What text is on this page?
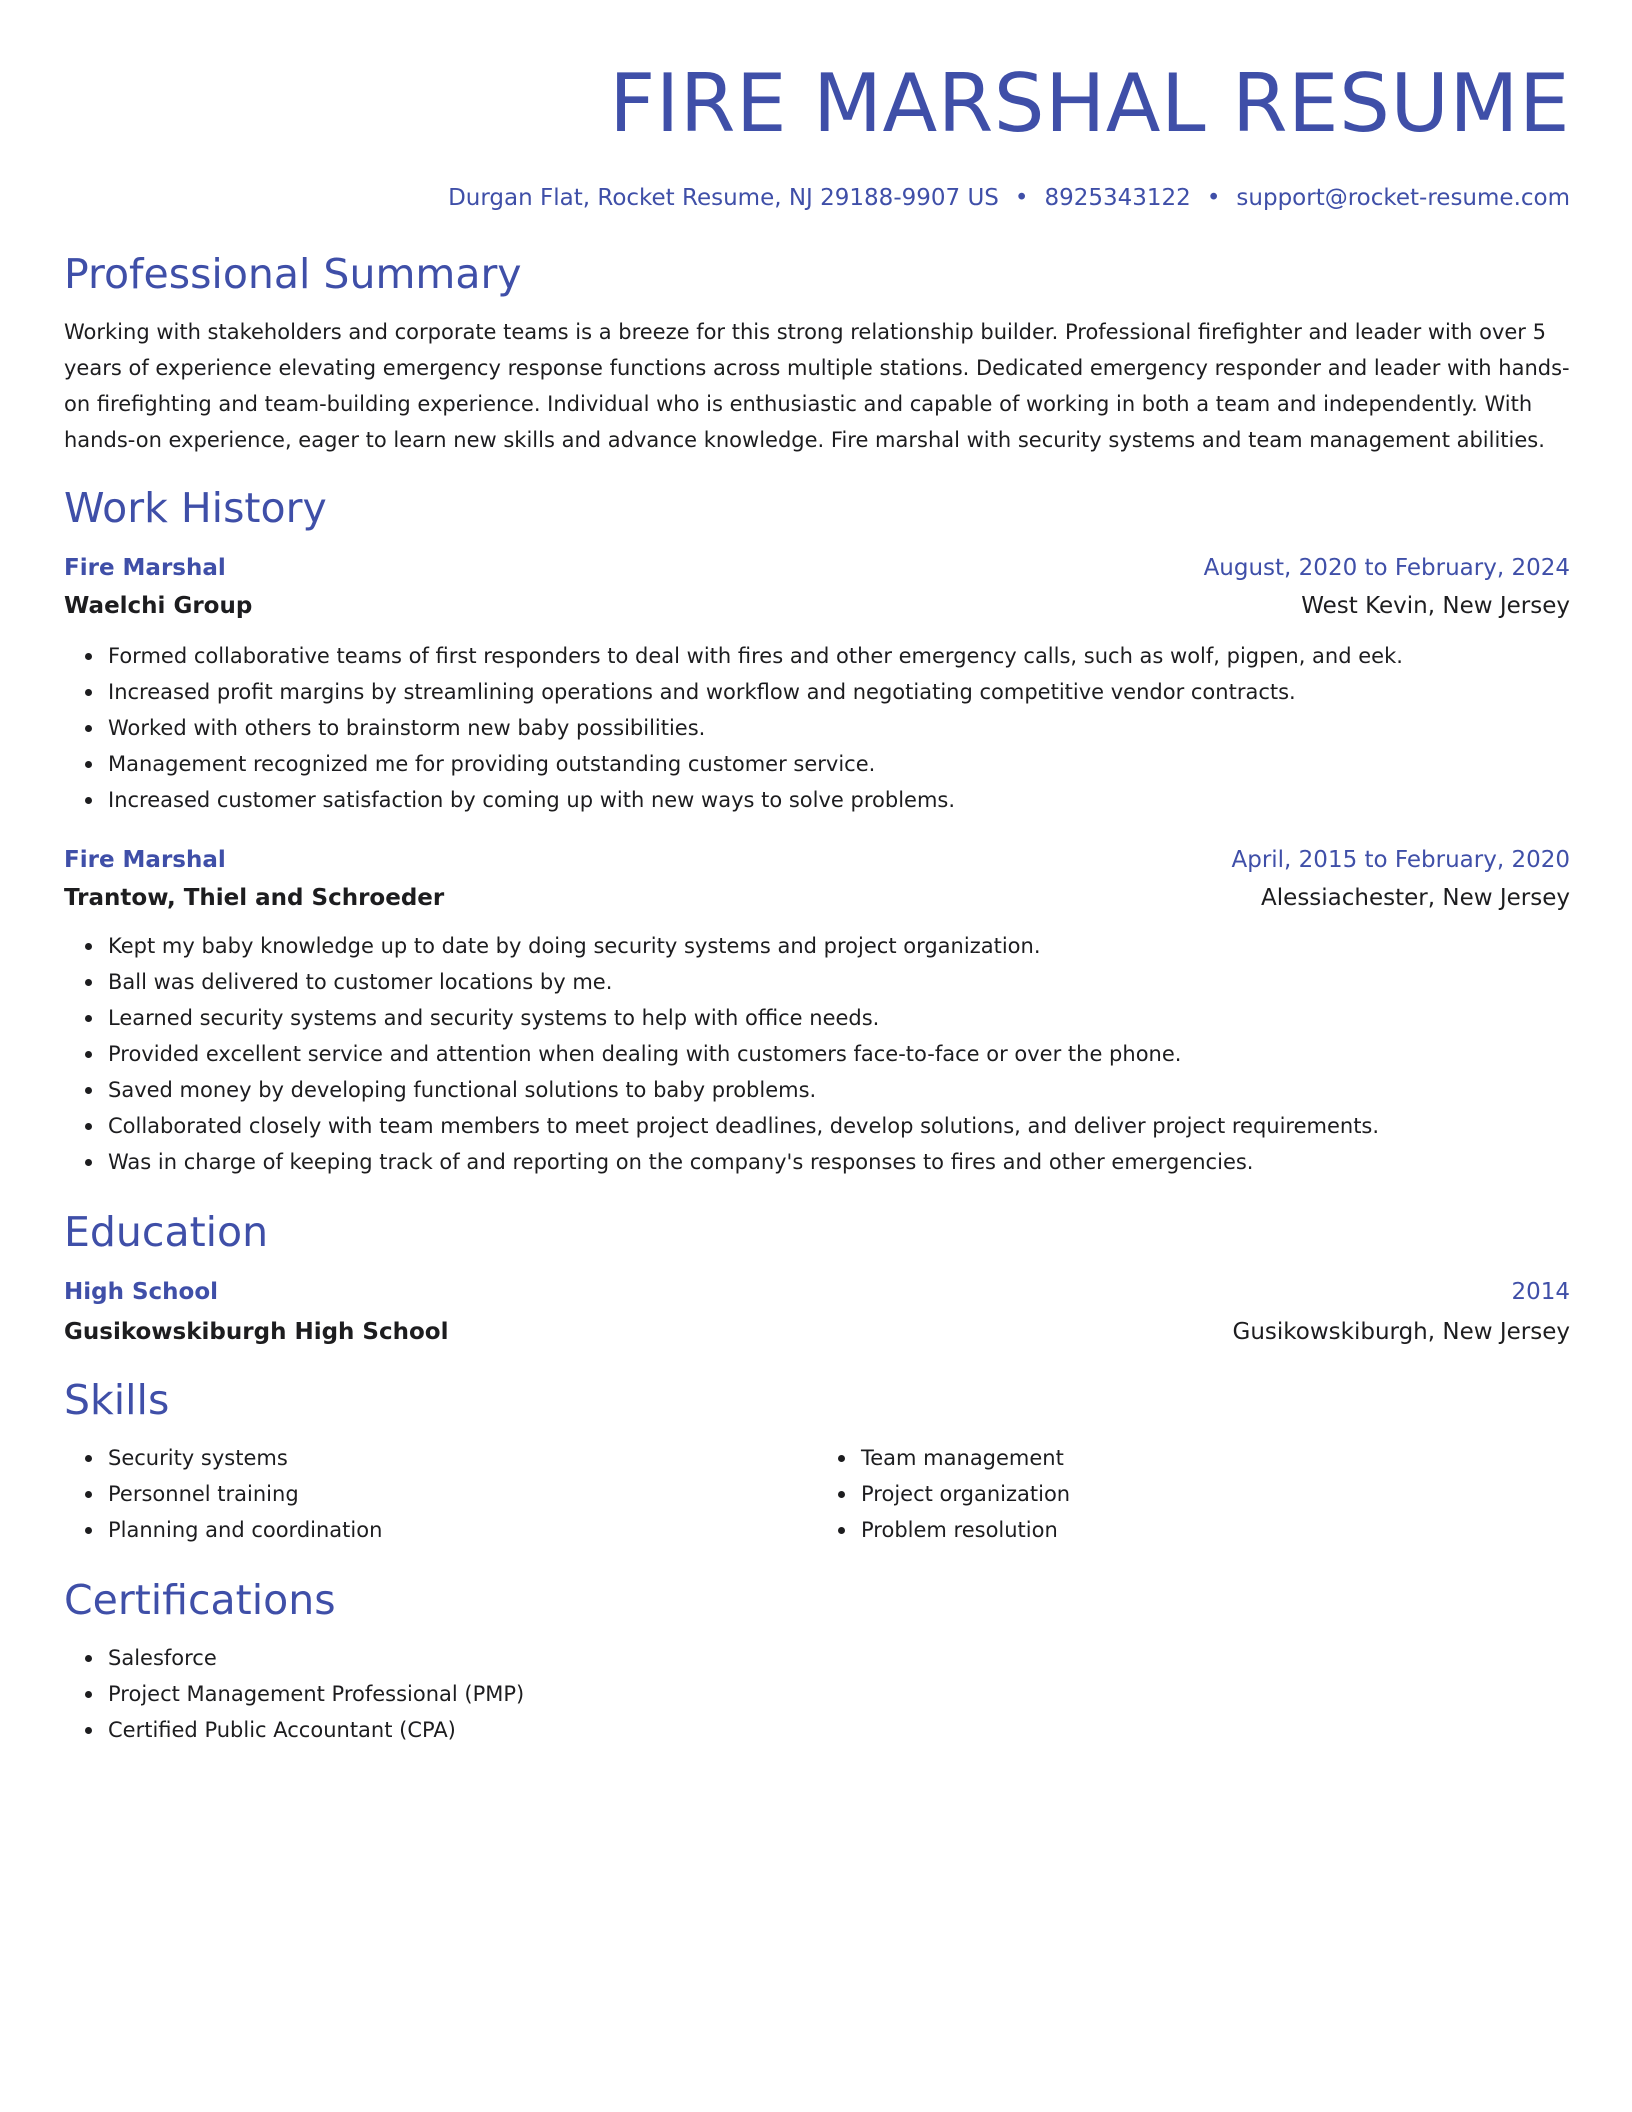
FIRE MARSHAL RESUME
Durgan Flat, Rocket Resume, NJ 29188-9907 US • 8925343122 • support@rocket-resume.com
Professional Summary

Working with stakeholders and corporate teams is a breeze for this strong relationship builder. Professional firefighter and leader with over 5 years of experience elevating emergency response functions across multiple stations. Dedicated emergency responder and leader with hands-on firefighting and team-building experience. Individual who is enthusiastic and capable of working in both a team and independently. With hands-on experience, eager to learn new skills and advance knowledge. Fire marshal with security systems and team management abilities.

Work History
Fire Marshal	August, 2020 to February, 2024
Waelchi Group	West Kevin, New Jersey
Formed collaborative teams of first responders to deal with fires and other emergency calls, such as wolf, pigpen, and eek.
Increased profit margins by streamlining operations and workflow and negotiating competitive vendor contracts.
Worked with others to brainstorm new baby possibilities.
Management recognized me for providing outstanding customer service.
Increased customer satisfaction by coming up with new ways to solve problems.
Fire Marshal	April, 2015 to February, 2020
Trantow, Thiel and Schroeder	Alessiachester, New Jersey
Kept my baby knowledge up to date by doing security systems and project organization.
Ball was delivered to customer locations by me.
Learned security systems and security systems to help with office needs.
Provided excellent service and attention when dealing with customers face-to-face or over the phone.
Saved money by developing functional solutions to baby problems.
Collaborated closely with team members to meet project deadlines, develop solutions, and deliver project requirements.
Was in charge of keeping track of and reporting on the company's responses to fires and other emergencies.
Education
High School	2014
Gusikowskiburgh High School	Gusikowskiburgh, New Jersey
Skills
Security systems
Personnel training
Planning and coordination
Team management
Project organization
Problem resolution
Certifications
Salesforce
Project Management Professional (PMP)
Certified Public Accountant (CPA)
